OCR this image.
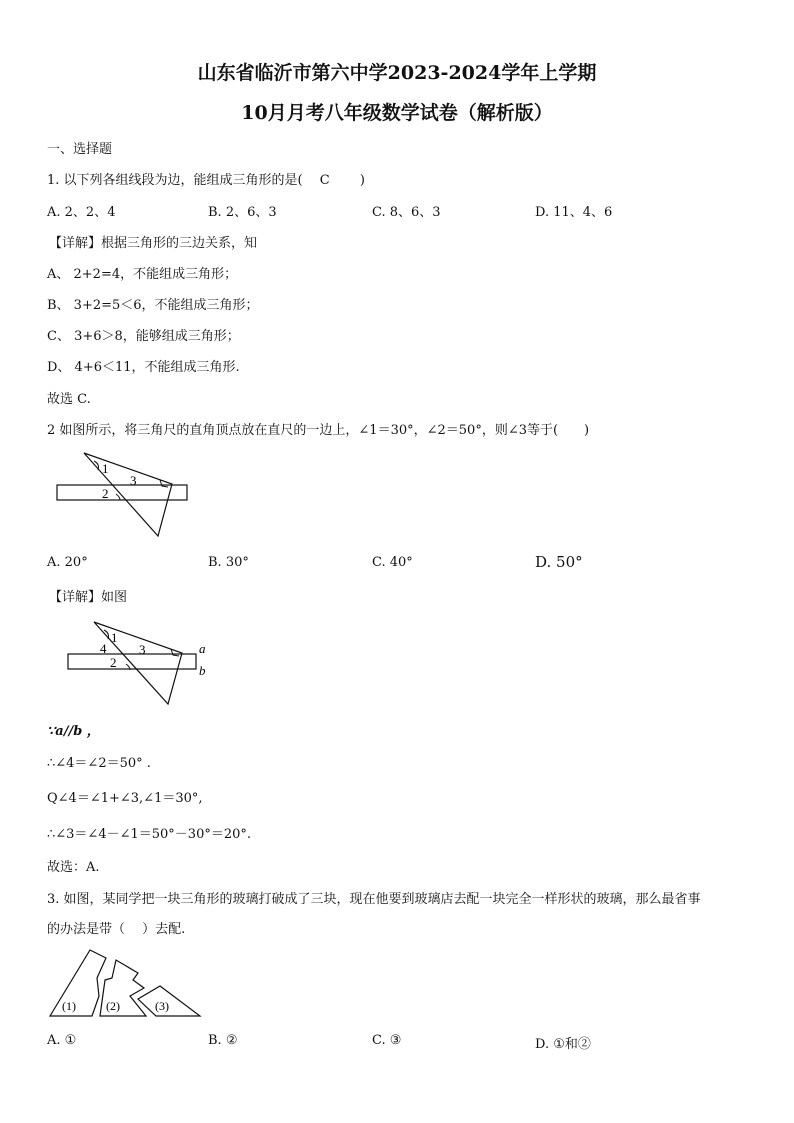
山东省临沂市第六中学2023-2024学年上学期
10月月考八年级数学试卷（解析版）
一、选择题
1. 以下列各组线段为边，能组成三角形的是(　 C　 　)
A. 2、2、4	B. 2、6、3	C. 8、6、3	D. 11、4、6
【详解】根据三角形的三边关系，知
A、 2+2=4，不能组成三角形；
B、 3+2=5＜6，不能组成三角形；
C、 3+6＞8，能够组成三角形；
D、 4+6＜11，不能组成三角形.
故选 C.
2 如图所示，将三角尺的直角顶点放在直尺的一边上，∠1＝30°，∠2＝50°，则∠3等于(　　)
1
3
2
A. 20°	B. 30°	C. 40°	D. 50°
【详解】如图
1
4	3
2
a
b
∵a//b ，
∴∠4＝∠2＝50° .
Q∠4＝∠1+∠3,∠1＝30°,
∴∠3＝∠4－∠1＝50°－30°＝20°.
故选：A.
3. 如图，某同学把一块三角形的玻璃打破成了三块，现在他要到玻璃店去配一块完全一样形状的玻璃，那么最省事
的办法是带（　 ）去配.
(1)	(2)	(3)
A. ①	B. ②	C. ③	D. ①和②
